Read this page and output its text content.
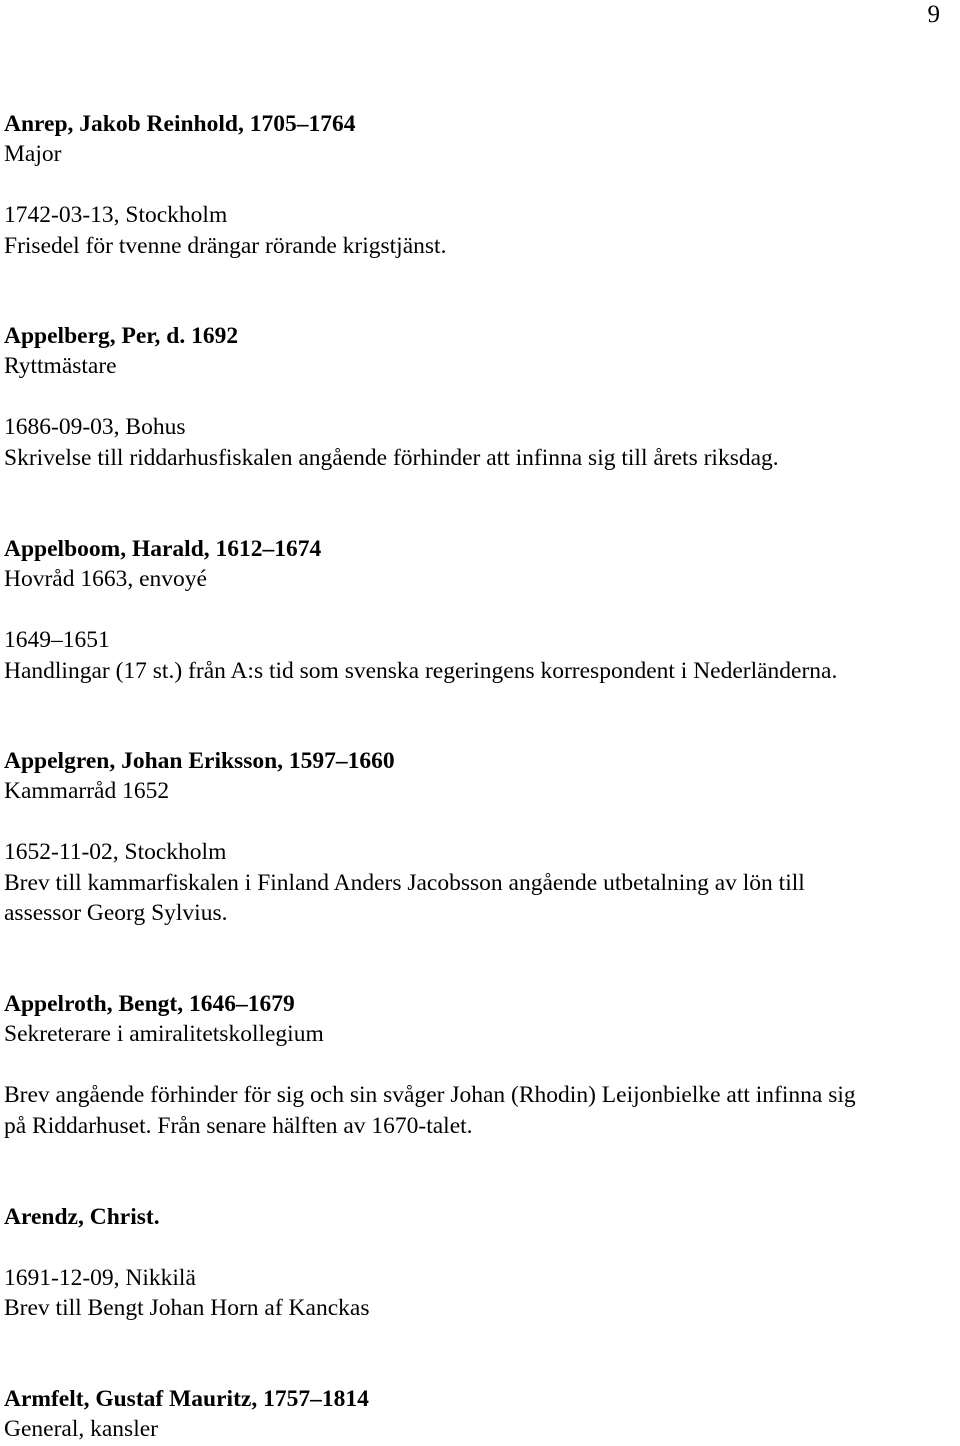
9
Anrep, Jakob Reinhold, 1705–1764
Major
1742-03-13, Stockholm
Frisedel för tvenne drängar rörande krigstjänst.
Appelberg, Per, d. 1692
Ryttmästare
1686-09-03, Bohus
Skrivelse till riddarhusfiskalen angående förhinder att infinna sig till årets riksdag.
Appelboom, Harald, 1612–1674
Hovråd 1663, envoyé
1649–1651
Handlingar (17 st.) från A:s tid som svenska regeringens korrespondent i Nederländerna.
Appelgren, Johan Eriksson, 1597–1660
Kammarråd 1652
1652-11-02, Stockholm
Brev till kammarfiskalen i Finland Anders Jacobsson angående utbetalning av lön till
assessor Georg Sylvius.
Appelroth, Bengt, 1646–1679
Sekreterare i amiralitetskollegium
Brev angående förhinder för sig och sin svåger Johan (Rhodin) Leijonbielke att infinna sig
på Riddarhuset. Från senare hälften av 1670-talet.
Arendz, Christ.
1691-12-09, Nikkilä
Brev till Bengt Johan Horn af Kanckas
Armfelt, Gustaf Mauritz, 1757–1814
General, kansler
